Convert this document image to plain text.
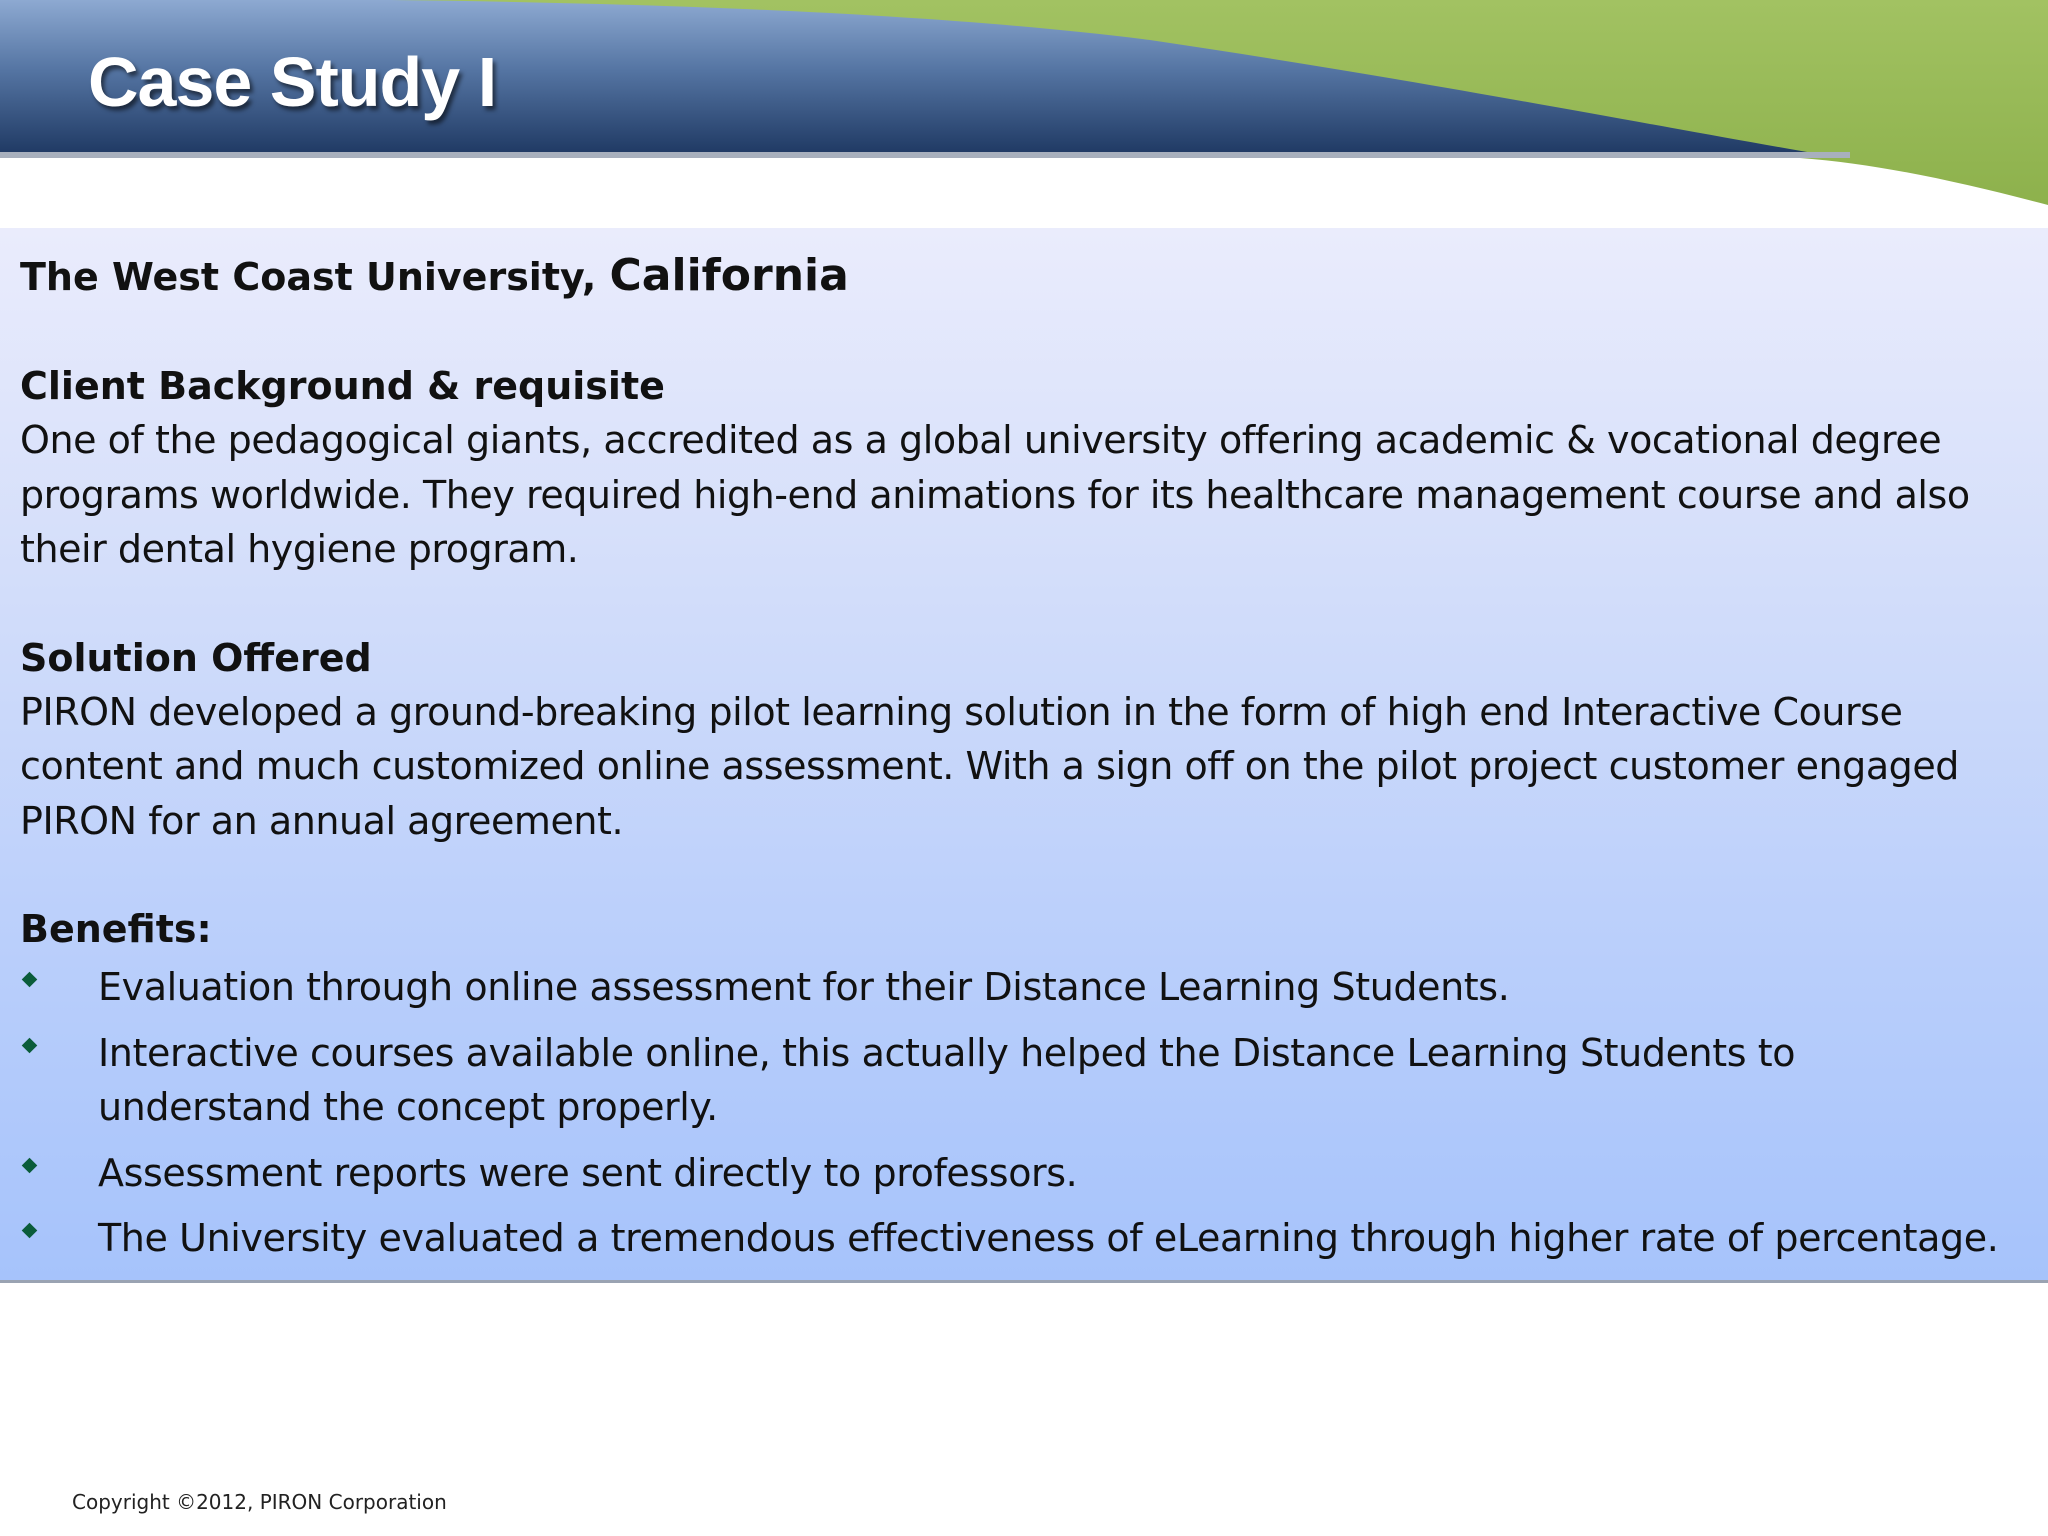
Case Study I

The West Coast University, California

Client Background & requisite

One of the pedagogical giants, accredited as a global university offering academic & vocational degree programs worldwide. They required high-end animations for its healthcare management course and also their dental hygiene program.

Solution Offered

PIRON developed a ground-breaking pilot learning solution in the form of high end Interactive Course content and much customized online assessment. With a sign off on the pilot project customer engaged PIRON for an annual agreement.

Benefits:

Evaluation through online assessment for their Distance Learning Students.
Interactive courses available online, this actually helped the Distance Learning Students to understand the concept properly.
Assessment reports were sent directly to professors.
The University evaluated a tremendous effectiveness of eLearning through higher rate of percentage.
Copyright ©2012, PIRON Corporation
